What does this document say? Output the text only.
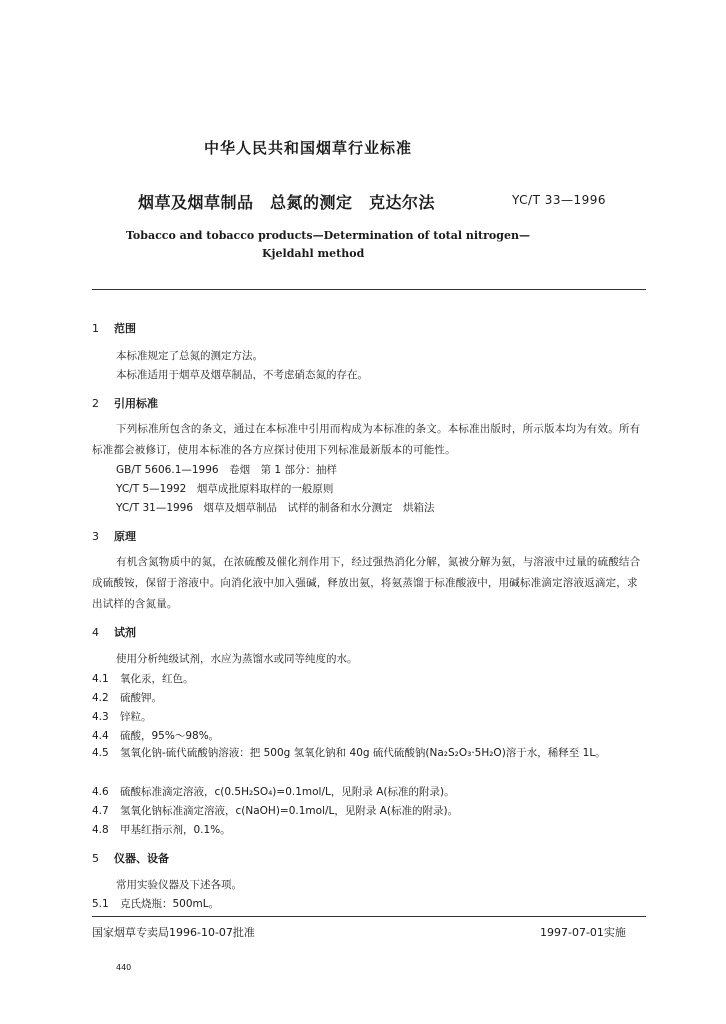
中华人民共和国烟草行业标准
烟草及烟草制品　总氮的测定　克达尔法	YC/T 33—1996
Tobacco and tobacco products—Determination of total nitrogen—
Kjeldahl method
1 范围
本标准规定了总氮的测定方法。
本标准适用于烟草及烟草制品，不考虑硝态氮的存在。
2 引用标准
下列标准所包含的条文，通过在本标准中引用而构成为本标准的条文。本标准出版时，所示版本均为有效。所有标准都会被修订，使用本标准的各方应探讨使用下列标准最新版本的可能性。
GB/T 5606.1—1996　卷烟　第 1 部分：抽样
YC/T 5—1992　烟草成批原料取样的一般原则
YC/T 31—1996　烟草及烟草制品　试样的制备和水分测定　烘箱法
3 原理
有机含氮物质中的氮，在浓硫酸及催化剂作用下，经过强热消化分解，氮被分解为氨，与溶液中过量的硫酸结合成硫酸铵，保留于溶液中。向消化液中加入强碱，释放出氨，将氨蒸馏于标准酸液中，用碱标准滴定溶液返滴定，求出试样的含氮量。
4 试剂
使用分析纯级试剂，水应为蒸馏水或同等纯度的水。
4.1 氧化汞，红色。
4.2 硫酸钾。
4.3 锌粒。
4.4 硫酸，95%～98%。
4.5 氢氧化钠-硫代硫酸钠溶液：把 500g 氢氧化钠和 40g 硫代硫酸钠(Na₂S₂O₃·5H₂O)溶于水，稀释至 1L。
4.6 硫酸标准滴定溶液，c(0.5H₂SO₄)=0.1mol/L，见附录 A(标准的附录)。
4.7 氢氧化钠标准滴定溶液，c(NaOH)=0.1mol/L，见附录 A(标准的附录)。
4.8 甲基红指示剂，0.1%。
5 仪器、设备
常用实验仪器及下述各项。
5.1 克氏烧瓶：500mL。
国家烟草专卖局1996-10-07批准	1997-07-01实施
440
